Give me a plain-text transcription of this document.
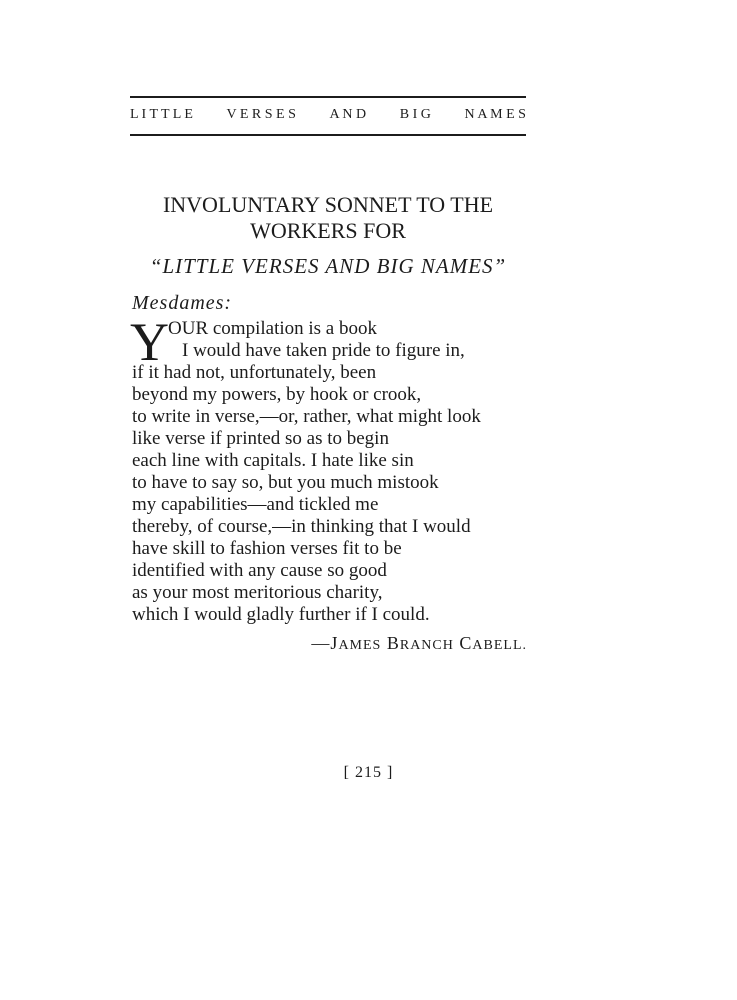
L I T T L E V E R S E S A N D B I G N A M E S
INVOLUNTARY SONNET TO THE
WORKERS FOR
“LITTLE VERSES AND BIG NAMES”
Mesdames:
Y OUR compilation is a book
I would have taken pride to figure in,
if it had not, unfortunately, been
beyond my powers, by hook or crook,
to write in verse,—or, rather, what might look
like verse if printed so as to begin
each line with capitals. I hate like sin
to have to say so, but you much mistook
my capabilities—and tickled me
thereby, of course,—in thinking that I would
have skill to fashion verses fit to be
identified with any cause so good
as your most meritorious charity,
which I would gladly further if I could.
—JAMES BRANCH CABELL.
[ 215 ]
